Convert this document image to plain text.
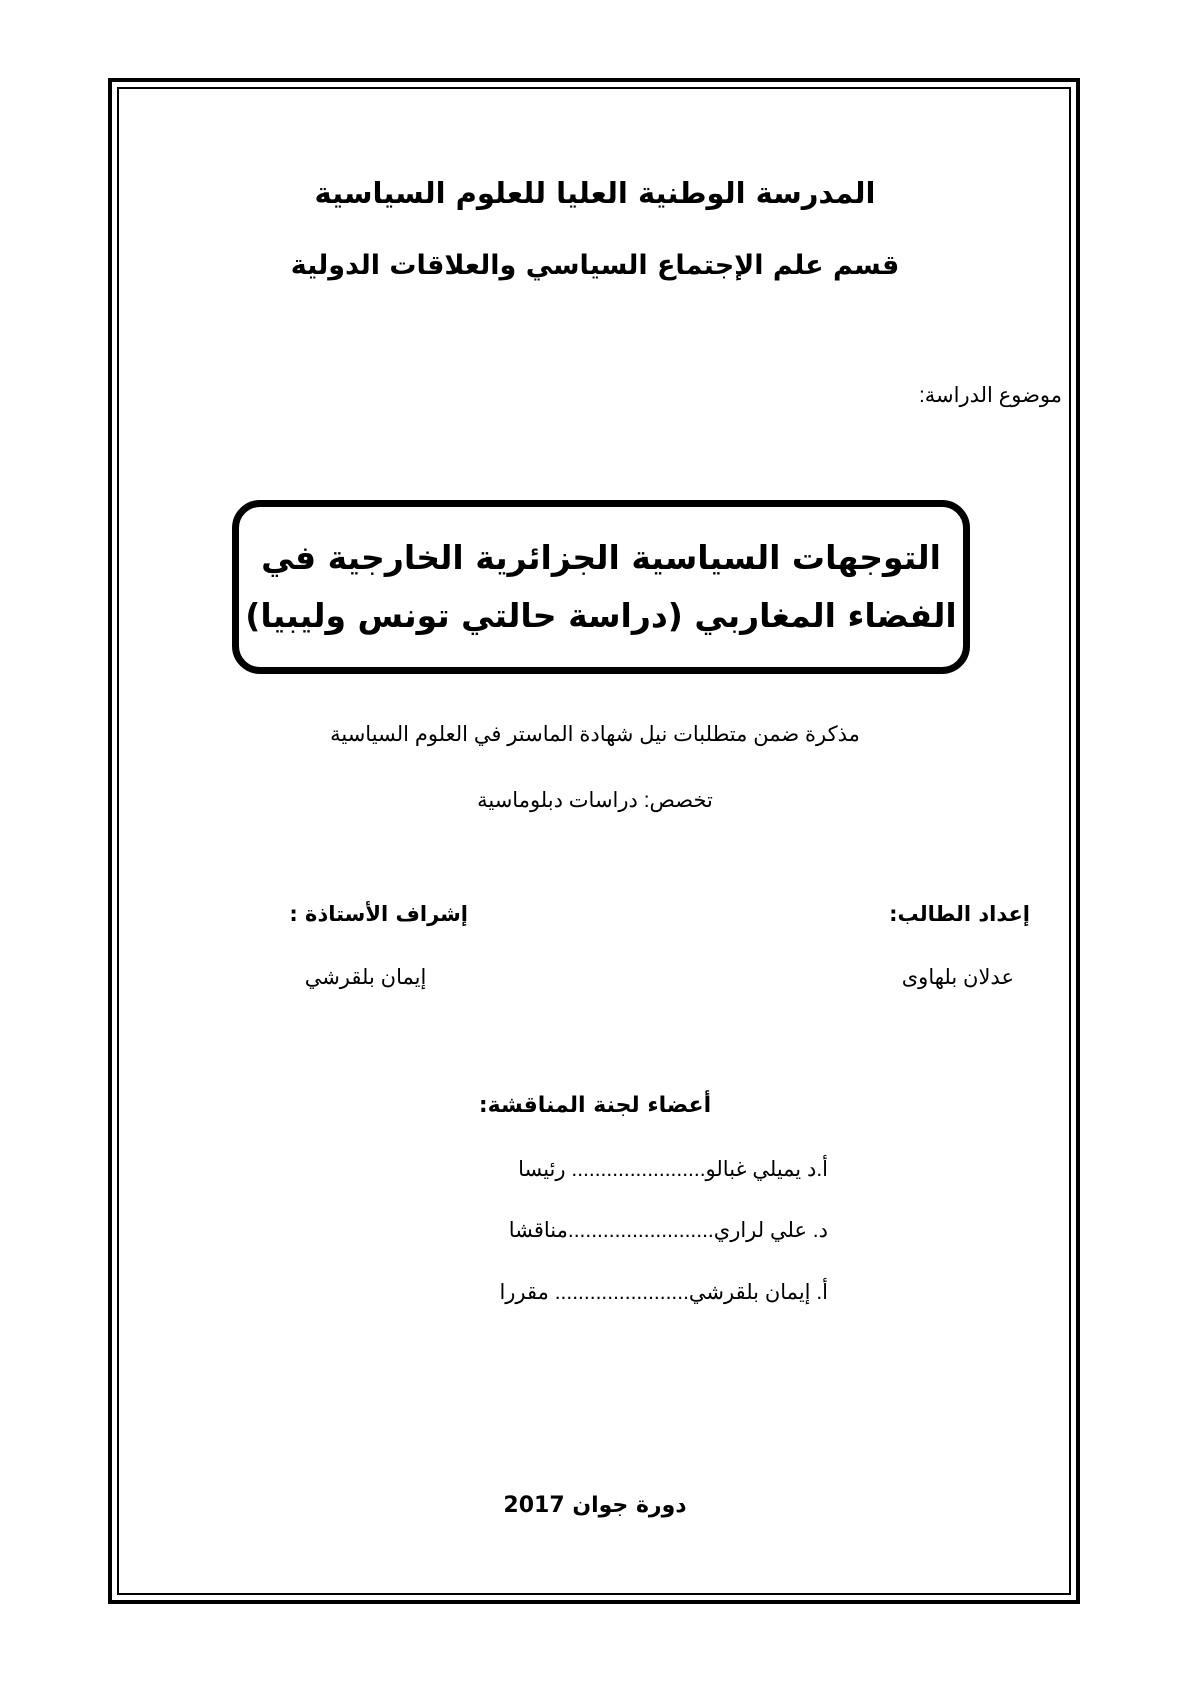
المدرسة الوطنية العليا للعلوم السياسية
قسم علم الإجتماع السياسي والعلاقات الدولية
موضوع الدراسة:
التوجهات السياسية الجزائرية الخارجية في
الفضاء المغاربي (دراسة حالتي تونس وليبيا)
مذكرة ضمن متطلبات نيل شهادة الماستر في العلوم السياسية
تخصص: دراسات دبلوماسية
إعداد الطالب:
إشراف الأستاذة :
عدلان بلهاوى
إيمان بلقرشي
أعضاء لجنة المناقشة:
أ.د يميلي غبالو....................... رئيسا
د. علي لراري.........................مناقشا
أ. إيمان بلقرشي....................... مقررا
دورة جوان 2017
